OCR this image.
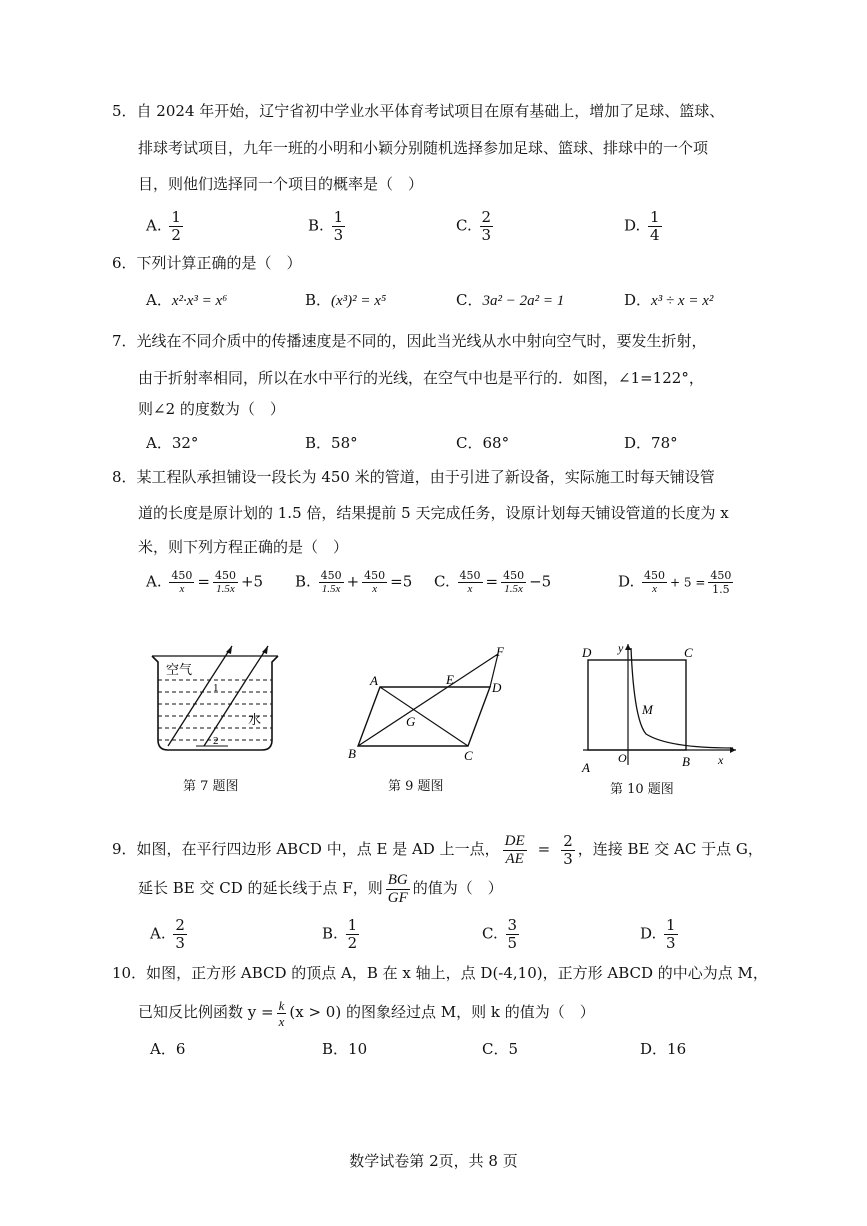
5．自 2024 年开始，辽宁省初中学业水平体育考试项目在原有基础上，增加了足球、篮球、
排球考试项目，九年一班的小明和小颖分别随机选择参加足球、篮球、排球中的一个项
目，则他们选择同一个项目的概率是（　）
A. $\frac{1}{2}$	B. $\frac{1}{3}$	C. $\frac{2}{3}$	D. $\frac{1}{4}$
6．下列计算正确的是（　）
A．x²·x³ = x⁶	B．(x³)² = x⁵	C．3a² − 2a² = 1	D．x³ ÷ x = x²
7．光线在不同介质中的传播速度是不同的，因此当光线从水中射向空气时，要发生折射，
由于折射率相同，所以在水中平行的光线，在空气中也是平行的．如图，∠1=122°，
则∠2 的度数为（　）
A．32°	B．58°	C．68°	D．78°
8．某工程队承担铺设一段长为 450 米的管道，由于引进了新设备，实际施工时每天铺设管
道的长度是原计划的 1.5 倍，结果提前 5 天完成任务，设原计划每天铺设管道的长度为 x
米，则下列方程正确的是（　）
A. $\frac{450}{x} = \frac{450}{1.5x} +5$ B. $\frac{450}{1.5x} + \frac{450}{x} =5$ C. $\frac{450}{x} = \frac{450}{1.5x} -5$	D. $\frac{450}{x} + 5 = \frac{450}{1.5}$
空气
水
1
2
第 7 题图
A
B	C
D
E
F
G
第 9 题图
D	C
A	B
O	x
y
M
第 10 题图
9．如图，在平行四边形 ABCD 中，点 E 是 AD 上一点， $\frac{DE}{AE} = \frac{2}{3}$ ，连接 BE 交 AC 于点 G，
延长 BE 交 CD 的延长线于点 F，则 $\frac{BG}{GF}$ 的值为（　）
A. $\frac{2}{3}$	B. $\frac{1}{2}$	C. $\frac{3}{5}$	D. $\frac{1}{3}$
10．如图，正方形 ABCD 的顶点 A，B 在 x 轴上，点 D(-4,10)，正方形 ABCD 的中心为点 M，
已知反比例函数 $y = \frac{k}{x} (x > 0)$ 的图象经过点 M，则 k 的值为（　）
A．6	B．10	C．5	D．16
数学试卷第 2页，共 8 页
